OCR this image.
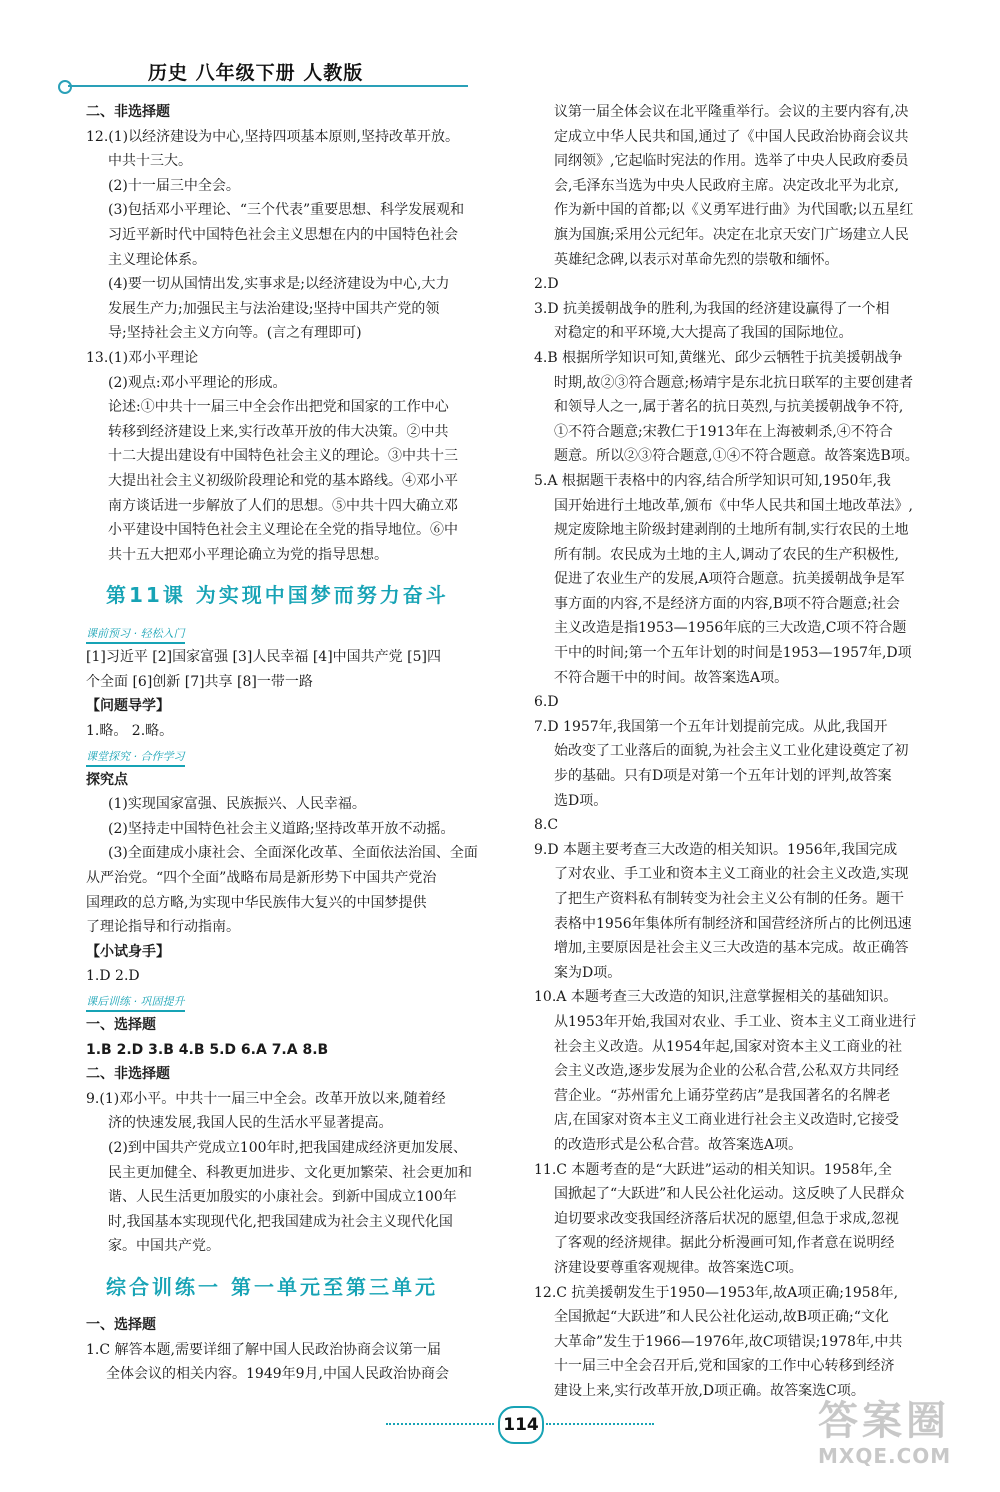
历史 八年级下册 人教版
二、非选择题
12.(1)以经济建设为中心,坚持四项基本原则,坚持改革开放。
中共十三大。
(2)十一届三中全会。
(3)包括邓小平理论、“三个代表”重要思想、科学发展观和
习近平新时代中国特色社会主义思想在内的中国特色社会
主义理论体系。
(4)要一切从国情出发,实事求是;以经济建设为中心,大力
发展生产力;加强民主与法治建设;坚持中国共产党的领
导;坚持社会主义方向等。(言之有理即可)
13.(1)邓小平理论
(2)观点:邓小平理论的形成。
论述:①中共十一届三中全会作出把党和国家的工作中心
转移到经济建设上来,实行改革开放的伟大决策。②中共
十二大提出建设有中国特色社会主义的理论。③中共十三
大提出社会主义初级阶段理论和党的基本路线。④邓小平
南方谈话进一步解放了人们的思想。⑤中共十四大确立邓
小平建设中国特色社会主义理论在全党的指导地位。⑥中
共十五大把邓小平理论确立为党的指导思想。
第11课 为实现中国梦而努力奋斗
课前预习 · 轻松入门
[1]习近平 [2]国家富强 [3]人民幸福 [4]中国共产党 [5]四
个全面 [6]创新 [7]共享 [8]一带一路
【问题导学】
1.略。 2.略。
课堂探究 · 合作学习
探究点
(1)实现国家富强、民族振兴、人民幸福。
(2)坚持走中国特色社会主义道路;坚持改革开放不动摇。
(3)全面建成小康社会、全面深化改革、全面依法治国、全面
从严治党。“四个全面”战略布局是新形势下中国共产党治
国理政的总方略,为实现中华民族伟大复兴的中国梦提供
了理论指导和行动指南。
【小试身手】
1.D 2.D
课后训练 · 巩固提升
一、选择题
1.B 2.D 3.B 4.B 5.D 6.A 7.A 8.B
二、非选择题
9.(1)邓小平。中共十一届三中全会。改革开放以来,随着经
济的快速发展,我国人民的生活水平显著提高。
(2)到中国共产党成立100年时,把我国建成经济更加发展、
民主更加健全、科教更加进步、文化更加繁荣、社会更加和
谐、人民生活更加殷实的小康社会。到新中国成立100年
时,我国基本实现现代化,把我国建成为社会主义现代化国
家。中国共产党。
综合训练一 第一单元至第三单元
一、选择题
1.C 解答本题,需要详细了解中国人民政治协商会议第一届
全体会议的相关内容。1949年9月,中国人民政治协商会
议第一届全体会议在北平隆重举行。会议的主要内容有,决
定成立中华人民共和国,通过了《中国人民政治协商会议共
同纲领》,它起临时宪法的作用。选举了中央人民政府委员
会,毛泽东当选为中央人民政府主席。决定改北平为北京,
作为新中国的首都;以《义勇军进行曲》为代国歌;以五星红
旗为国旗;采用公元纪年。决定在北京天安门广场建立人民
英雄纪念碑,以表示对革命先烈的崇敬和缅怀。
2.D
3.D 抗美援朝战争的胜利,为我国的经济建设赢得了一个相
对稳定的和平环境,大大提高了我国的国际地位。
4.B 根据所学知识可知,黄继光、邱少云牺牲于抗美援朝战争
时期,故②③符合题意;杨靖宇是东北抗日联军的主要创建者
和领导人之一,属于著名的抗日英烈,与抗美援朝战争不符,
①不符合题意;宋教仁于1913年在上海被刺杀,④不符合
题意。所以②③符合题意,①④不符合题意。故答案选B项。
5.A 根据题干表格中的内容,结合所学知识可知,1950年,我
国开始进行土地改革,颁布《中华人民共和国土地改革法》,
规定废除地主阶级封建剥削的土地所有制,实行农民的土地
所有制。农民成为土地的主人,调动了农民的生产积极性,
促进了农业生产的发展,A项符合题意。抗美援朝战争是军
事方面的内容,不是经济方面的内容,B项不符合题意;社会
主义改造是指1953—1956年底的三大改造,C项不符合题
干中的时间;第一个五年计划的时间是1953—1957年,D项
不符合题干中的时间。故答案选A项。
6.D
7.D 1957年,我国第一个五年计划提前完成。从此,我国开
始改变了工业落后的面貌,为社会主义工业化建设奠定了初
步的基础。只有D项是对第一个五年计划的评判,故答案
选D项。
8.C
9.D 本题主要考查三大改造的相关知识。1956年,我国完成
了对农业、手工业和资本主义工商业的社会主义改造,实现
了把生产资料私有制转变为社会主义公有制的任务。题干
表格中1956年集体所有制经济和国营经济所占的比例迅速
增加,主要原因是社会主义三大改造的基本完成。故正确答
案为D项。
10.A 本题考查三大改造的知识,注意掌握相关的基础知识。
从1953年开始,我国对农业、手工业、资本主义工商业进行
社会主义改造。从1954年起,国家对资本主义工商业的社
会主义改造,逐步发展为企业的公私合营,公私双方共同经
营企业。“苏州雷允上诵芬堂药店”是我国著名的名牌老
店,在国家对资本主义工商业进行社会主义改造时,它接受
的改造形式是公私合营。故答案选A项。
11.C 本题考查的是“大跃进”运动的相关知识。1958年,全
国掀起了“大跃进”和人民公社化运动。这反映了人民群众
迫切要求改变我国经济落后状况的愿望,但急于求成,忽视
了客观的经济规律。据此分析漫画可知,作者意在说明经
济建设要尊重客观规律。故答案选C项。
12.C 抗美援朝发生于1950—1953年,故A项正确;1958年,
全国掀起“大跃进”和人民公社化运动,故B项正确;“文化
大革命”发生于1966—1976年,故C项错误;1978年,中共
十一届三中全会召开后,党和国家的工作中心转移到经济
建设上来,实行改革开放,D项正确。故答案选C项。
114	答案圈
MXQE.COM
